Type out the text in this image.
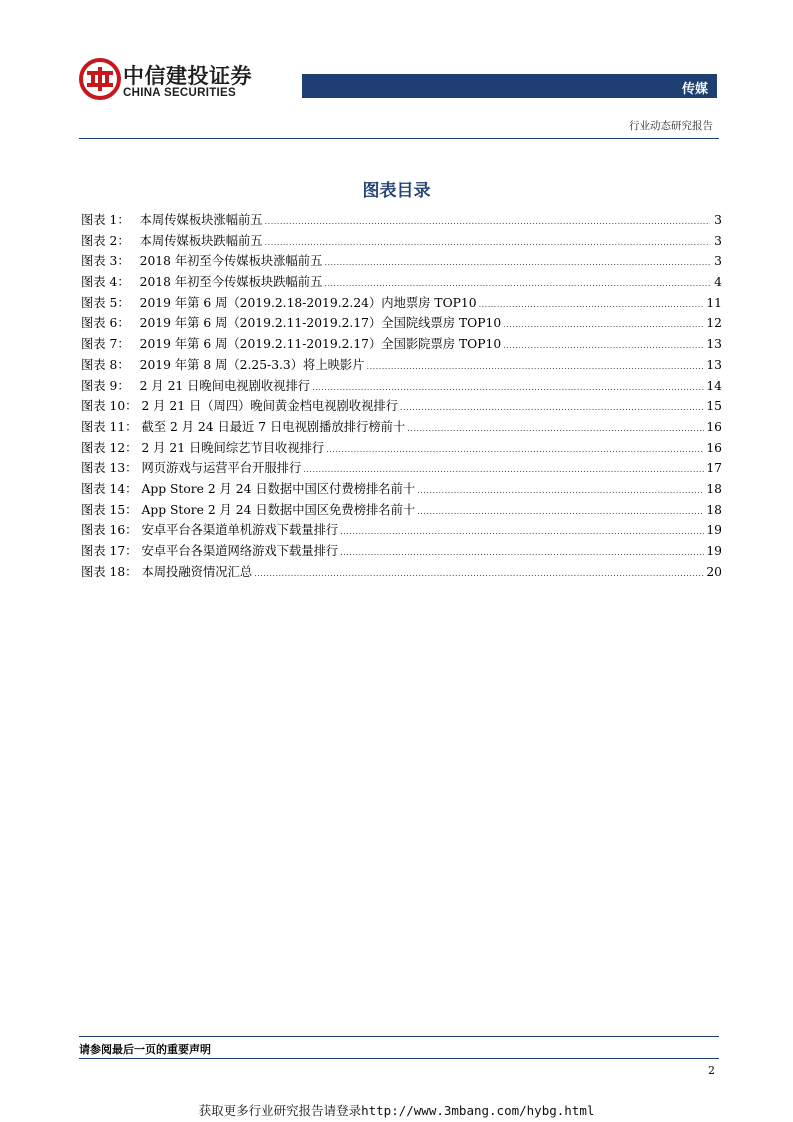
中信建投证券
CHINA SECURITIES	传媒
行业动态研究报告
图表目录
图表 1： 本周传媒板块涨幅前五 .....	3
图表 2： 本周传媒板块跌幅前五 .....	3
图表 3： 2018 年初至今传媒板块涨幅前五 .....	3
图表 4： 2018 年初至今传媒板块跌幅前五 .....	4
图表 5： 2019 年第 6 周（2019.2.18-2019.2.24）内地票房 TOP10 .....	11
图表 6： 2019 年第 6 周（2019.2.11-2019.2.17）全国院线票房 TOP10 .....	12
图表 7： 2019 年第 6 周（2019.2.11-2019.2.17）全国影院票房 TOP10 .....	13
图表 8： 2019 年第 8 周（2.25-3.3）将上映影片 .....	13
图表 9： 2 月 21 日晚间电视剧收视排行 .....	14
图表 10： 2 月 21 日（周四）晚间黄金档电视剧收视排行 .....	15
图表 11： 截至 2 月 24 日最近 7 日电视剧播放排行榜前十 .....	16
图表 12： 2 月 21 日晚间综艺节目收视排行 .....	16
图表 13： 网页游戏与运营平台开服排行 .....	17
图表 14： App Store 2 月 24 日数据中国区付费榜排名前十 .....	18
图表 15： App Store 2 月 24 日数据中国区免费榜排名前十 .....	18
图表 16： 安卓平台各渠道单机游戏下载量排行 .....	19
图表 17： 安卓平台各渠道网络游戏下载量排行 .....	19
图表 18： 本周投融资情况汇总 .....	20
请参阅最后一页的重要声明
2
获取更多行业研究报告请登录http://www.3mbang.com/hybg.html
